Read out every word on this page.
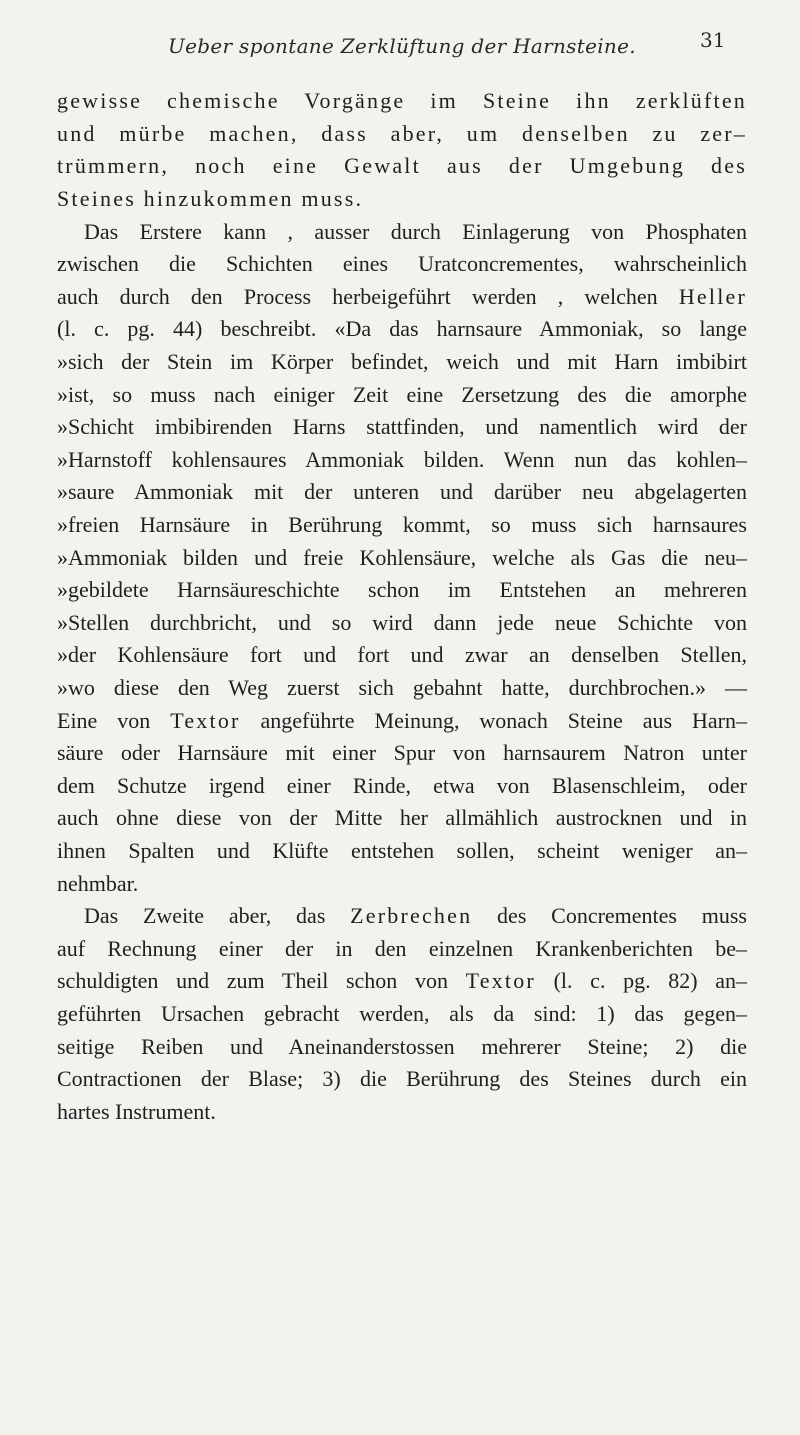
Ueber spontane Zerklüftung der Harnsteine.	31
gewisse chemische Vorgänge im Steine ihn zerklüften
und mürbe machen, dass aber, um denselben zu zer–
trümmern, noch eine Gewalt aus der Umgebung des
Steines hinzukommen muss.
Das Erstere kann , ausser durch Einlagerung von Phosphaten
zwischen die Schichten eines Uratconcrementes, wahrscheinlich
auch durch den Process herbeigeführt werden , welchen Heller
(l. c. pg. 44) beschreibt. «Da das harnsaure Ammoniak, so lange
»sich der Stein im Körper befindet, weich und mit Harn imbibirt
»ist, so muss nach einiger Zeit eine Zersetzung des die amorphe
»Schicht imbibirenden Harns stattfinden, und namentlich wird der
»Harnstoff kohlensaures Ammoniak bilden. Wenn nun das kohlen–
»saure Ammoniak mit der unteren und darüber neu abgelagerten
»freien Harnsäure in Berührung kommt, so muss sich harnsaures
»Ammoniak bilden und freie Kohlensäure, welche als Gas die neu–
»gebildete Harnsäureschichte schon im Entstehen an mehreren
»Stellen durchbricht, und so wird dann jede neue Schichte von
»der Kohlensäure fort und fort und zwar an denselben Stellen,
»wo diese den Weg zuerst sich gebahnt hatte, durchbrochen.» —
Eine von Textor angeführte Meinung, wonach Steine aus Harn–
säure oder Harnsäure mit einer Spur von harnsaurem Natron unter
dem Schutze irgend einer Rinde, etwa von Blasenschleim, oder
auch ohne diese von der Mitte her allmählich austrocknen und in
ihnen Spalten und Klüfte entstehen sollen, scheint weniger an–
nehmbar.
Das Zweite aber, das Zerbrechen des Concrementes muss
auf Rechnung einer der in den einzelnen Krankenberichten be–
schuldigten und zum Theil schon von Textor (l. c. pg. 82) an–
geführten Ursachen gebracht werden, als da sind: 1) das gegen–
seitige Reiben und Aneinanderstossen mehrerer Steine; 2) die
Contractionen der Blase; 3) die Berührung des Steines durch ein
hartes Instrument.
